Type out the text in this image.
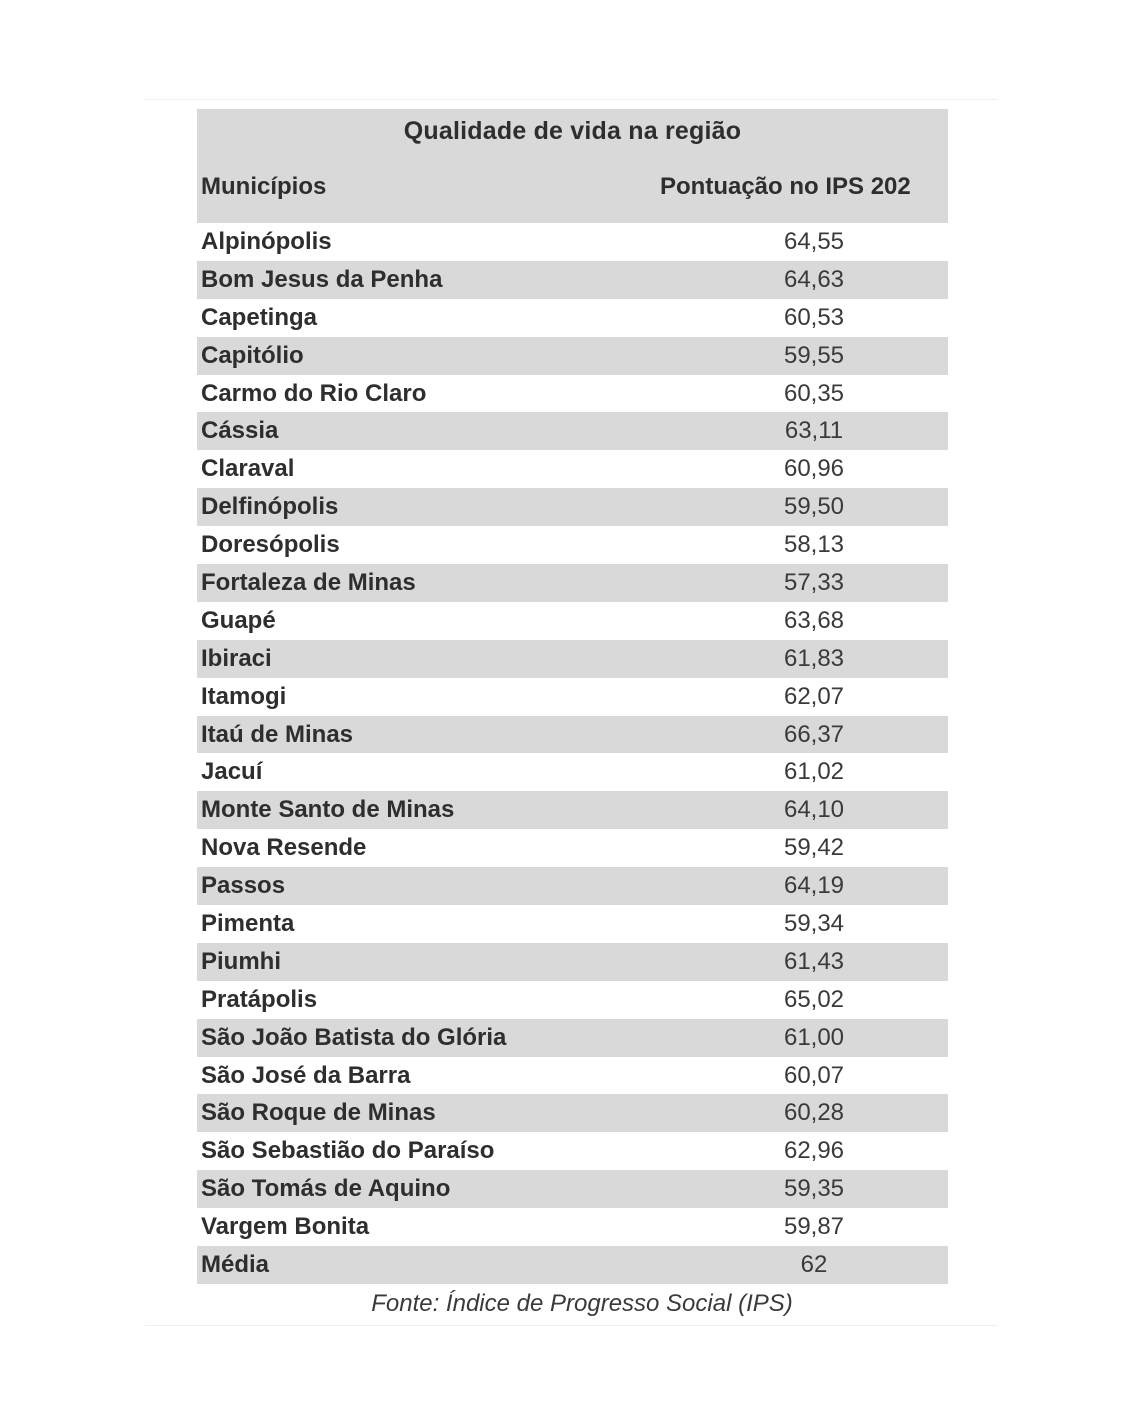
Qualidade de vida na região
Municípios	Pontuação no IPS 202
Alpinópolis	64,55
Bom Jesus da Penha	64,63
Capetinga	60,53
Capitólio	59,55
Carmo do Rio Claro	60,35
Cássia	63,11
Claraval	60,96
Delfinópolis	59,50
Doresópolis	58,13
Fortaleza de Minas	57,33
Guapé	63,68
Ibiraci	61,83
Itamogi	62,07
Itaú de Minas	66,37
Jacuí	61,02
Monte Santo de Minas	64,10
Nova Resende	59,42
Passos	64,19
Pimenta	59,34
Piumhi	61,43
Pratápolis	65,02
São João Batista do Glória	61,00
São José da Barra	60,07
São Roque de Minas	60,28
São Sebastião do Paraíso	62,96
São Tomás de Aquino	59,35
Vargem Bonita	59,87
Média	62
Fonte: Índice de Progresso Social (IPS)
